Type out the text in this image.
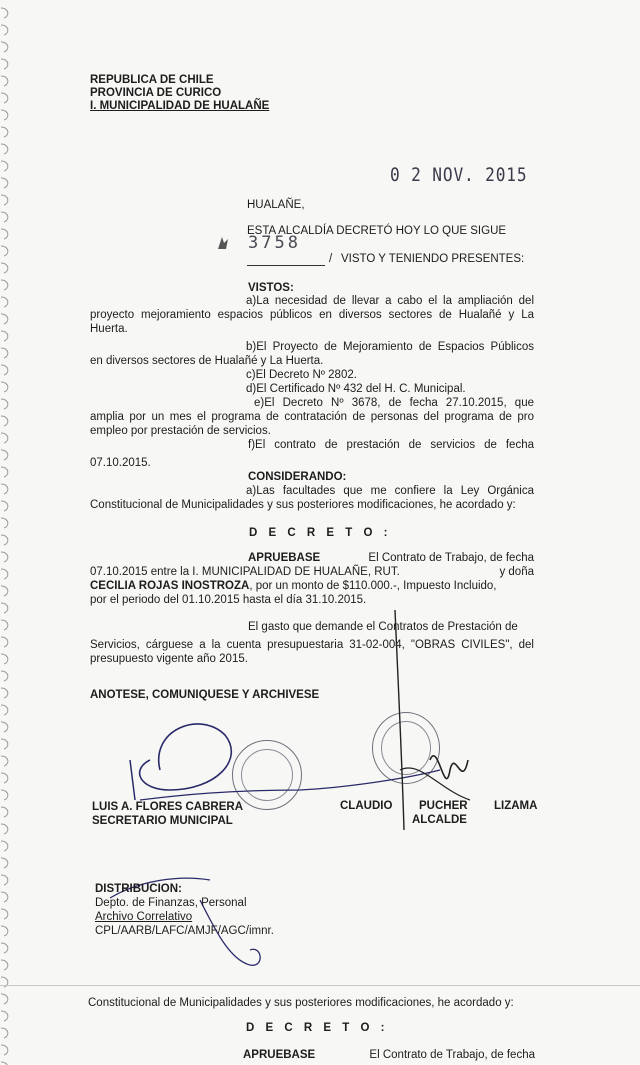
REPUBLICA DE CHILE
PROVINCIA DE CURICO
I. MUNICIPALIDAD DE HUALAÑE
0 2 NOV. 2015
HUALAÑE,
ESTA ALCALDÍA DECRETÓ HOY LO QUE SIGUE
3758
/ VISTO Y TENIENDO PRESENTES:
VISTOS:
a)La necesidad de llevar a cabo el la ampliación del
proyecto mejoramiento espacios públicos en diversos sectores de Hualañé y La
Huerta.
b)El Proyecto de Mejoramiento de Espacios Públicos
en diversos sectores de Hualañé y La Huerta.
c)El Decreto Nº 2802.
d)El Certificado Nº 432 del H. C. Municipal.
e)El Decreto Nº 3678, de fecha 27.10.2015, que
amplia por un mes el programa de contratación de personas del programa de pro
empleo por prestación de servicios.
f)El contrato de prestación de servicios de fecha
07.10.2015.
CONSIDERANDO:
a)Las facultades que me confiere la Ley Orgánica
Constitucional de Municipalidades y sus posteriores modificaciones, he acordado y:
D E C R E T O :
APRUEBASE	El Contrato de Trabajo, de fecha
07.10.2015 entre la I. MUNICIPALIDAD DE HUALAÑE, RUT.	y doña
CECILIA ROJAS INOSTROZA, por un monto de $110.000.-, Impuesto Incluido,
por el periodo del 01.10.2015 hasta el día 31.10.2015.
El gasto que demande el Contratos de Prestación de
Servicios, cárguese a la cuenta presupuestaria 31-02-004, "OBRAS CIVILES", del
presupuesto vigente año 2015.
ANOTESE, COMUNIQUESE Y ARCHIVESE
LUIS A. FLORES CABRERA
SECRETARIO MUNICIPAL
CLAUDIO PUCHER LIZAMA
ALCALDE
DISTRIBUCION:
Depto. de Finanzas, Personal
Archivo Correlativo
CPL/AARB/LAFC/AMJF/AGC/imnr.
Constitucional de Municipalidades y sus posteriores modificaciones, he acordado y:
D E C R E T O :
APRUEBASE	El Contrato de Trabajo, de fecha
